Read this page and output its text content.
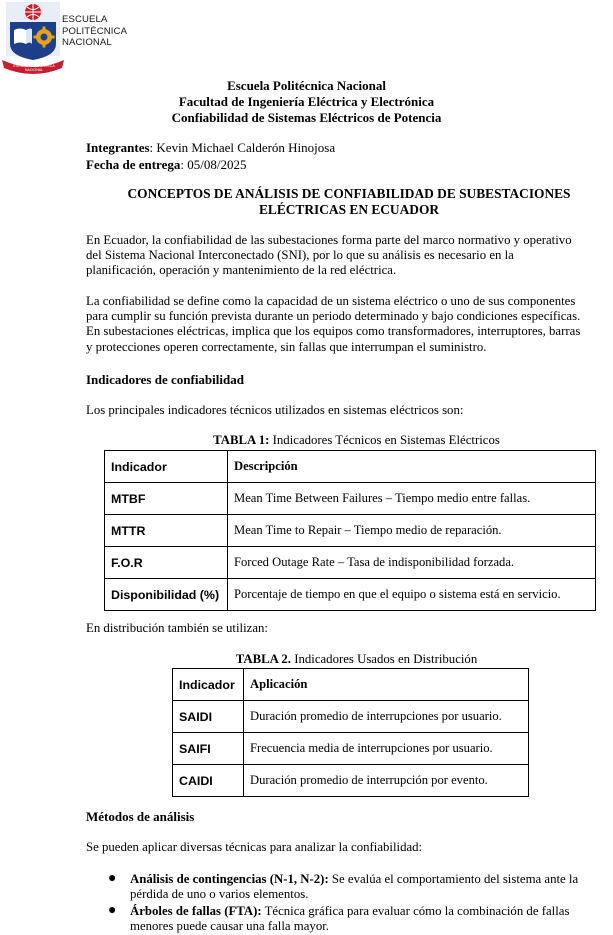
ESCUELA POLITÉCNICA NACIONAL
ESCUELA
POLITÉCNICA
NACIONAL
Escuela Politécnica Nacional
Facultad de Ingeniería Eléctrica y Electrónica
Confiabilidad de Sistemas Eléctricos de Potencia
Integrantes: Kevin Michael Calderón Hinojosa
Fecha de entrega: 05/08/2025
CONCEPTOS DE ANÁLISIS DE CONFIABILIDAD DE SUBESTACIONES
ELÉCTRICAS EN ECUADOR
En Ecuador, la confiabilidad de las subestaciones forma parte del marco normativo y operativo
del Sistema Nacional Interconectado (SNI), por lo que su análisis es necesario en la
planificación, operación y mantenimiento de la red eléctrica.
La confiabilidad se define como la capacidad de un sistema eléctrico o uno de sus componentes
para cumplir su función prevista durante un periodo determinado y bajo condiciones específicas.
En subestaciones eléctricas, implica que los equipos como transformadores, interruptores, barras
y protecciones operen correctamente, sin fallas que interrumpan el suministro.
Indicadores de confiabilidad
Los principales indicadores técnicos utilizados en sistemas eléctricos son:
TABLA 1: Indicadores Técnicos en Sistemas Eléctricos
Indicador	Descripción
MTBF	Mean Time Between Failures – Tiempo medio entre fallas.
MTTR	Mean Time to Repair – Tiempo medio de reparación.
F.O.R	Forced Outage Rate – Tasa de indisponibilidad forzada.
Disponibilidad (%)	Porcentaje de tiempo en que el equipo o sistema está en servicio.
En distribución también se utilizan:
TABLA 2. Indicadores Usados en Distribución
Indicador	Aplicación
SAIDI	Duración promedio de interrupciones por usuario.
SAIFI	Frecuencia media de interrupciones por usuario.
CAIDI	Duración promedio de interrupción por evento.
Métodos de análisis
Se pueden aplicar diversas técnicas para analizar la confiabilidad:
● Análisis de contingencias (N-1, N-2): Se evalúa el comportamiento del sistema ante la
pérdida de uno o varios elementos.
● Árboles de fallas (FTA): Técnica gráfica para evaluar cómo la combinación de fallas
menores puede causar una falla mayor.
